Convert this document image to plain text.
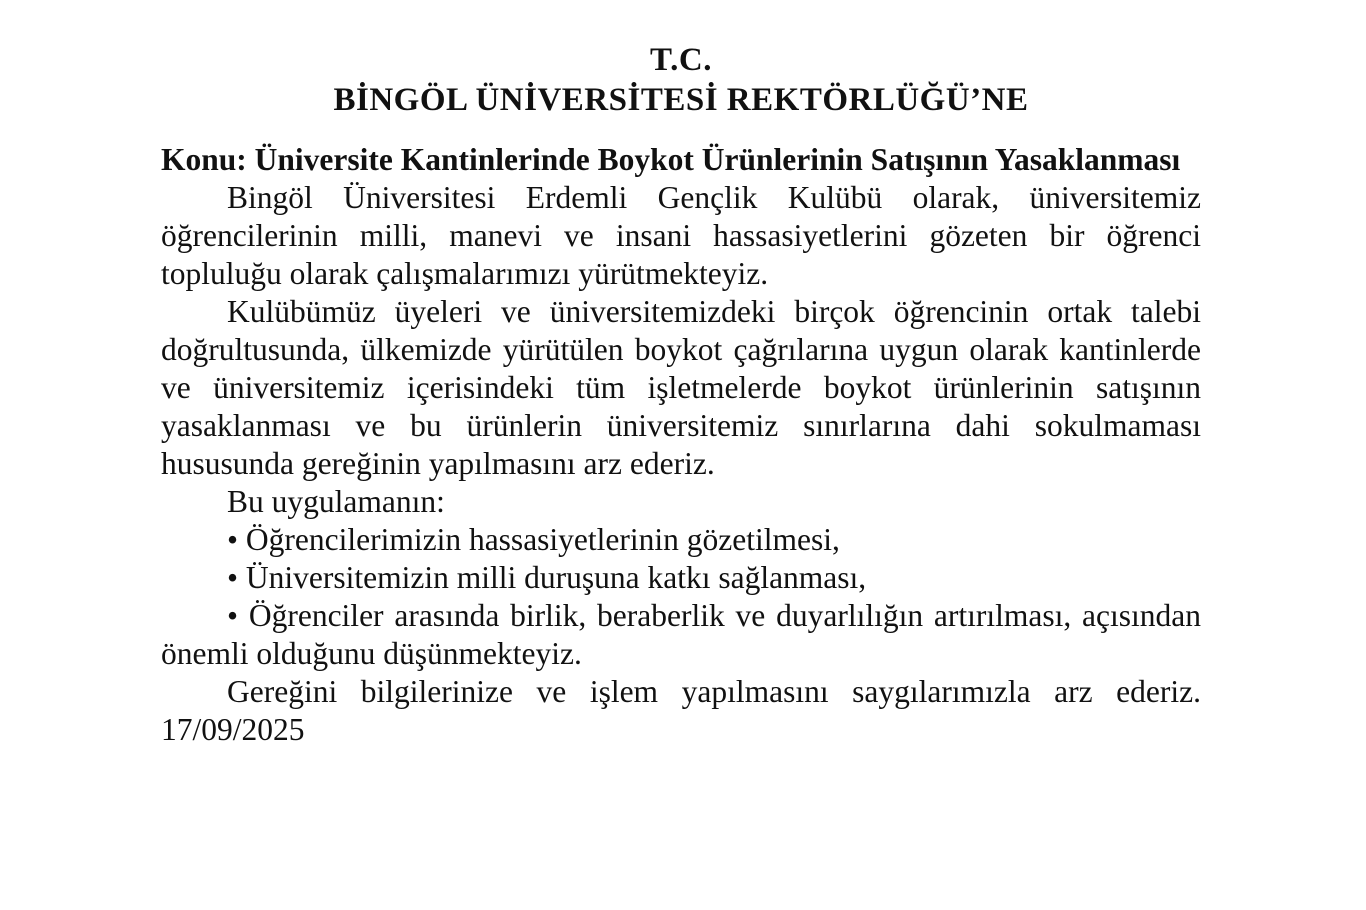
T.C.
BİNGÖL ÜNİVERSİTESİ REKTÖRLÜĞÜ’NE
Konu: Üniversite Kantinlerinde Boykot Ürünlerinin Satışının Yasaklanması

Bingöl Üniversitesi Erdemli Gençlik Kulübü olarak, üniversitemiz öğrencilerinin milli, manevi ve insani hassasiyetlerini gözeten bir öğrenci topluluğu olarak çalışmalarımızı yürütmekteyiz.

Kulübümüz üyeleri ve üniversitemizdeki birçok öğrencinin ortak talebi doğrultusunda, ülkemizde yürütülen boykot çağrılarına uygun olarak kantinlerde ve üniversitemiz içerisindeki tüm işletmelerde boykot ürünlerinin satışının yasaklanması ve bu ürünlerin üniversitemiz sınırlarına dahi sokulmaması hususunda gereğinin yapılmasını arz ederiz.

Bu uygulamanın:

• Öğrencilerimizin hassasiyetlerinin gözetilmesi,

• Üniversitemizin milli duruşuna katkı sağlanması,

• Öğrenciler arasında birlik, beraberlik ve duyarlılığın artırılması, açısından önemli olduğunu düşünmekteyiz.

Gereğini bilgilerinize ve işlem yapılmasını saygılarımızla arz ederiz. 17/09/2025
